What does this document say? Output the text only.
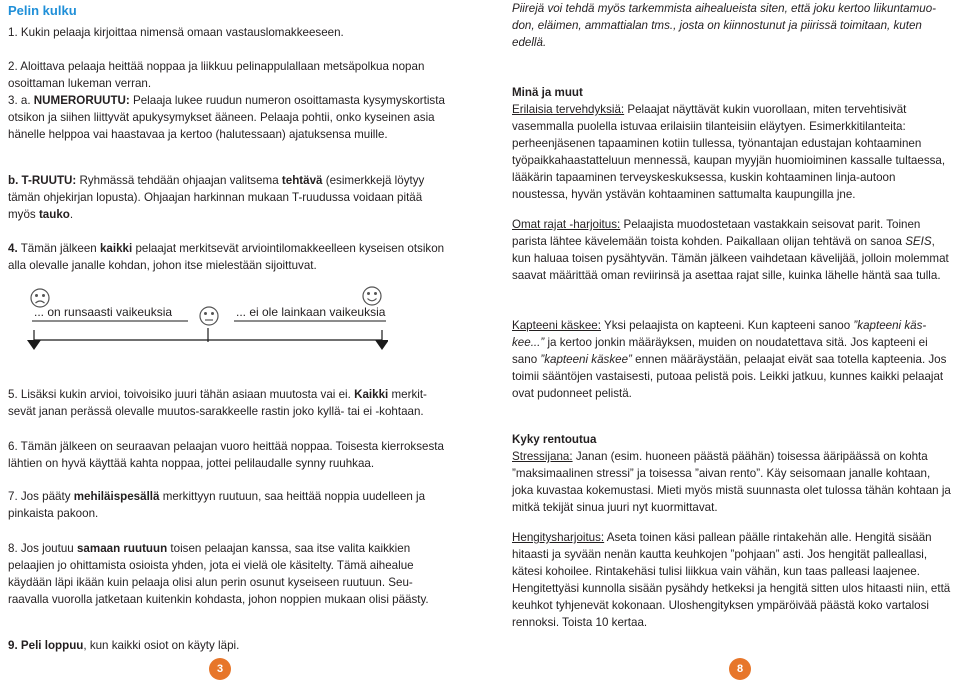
Pelin kulku

1. Kukin pelaaja kirjoittaa nimensä omaan vastauslomakkeeseen.

2. Aloittava pelaaja heittää noppaa ja liikkuu pelinappulallaan metsäpolkua nopan osoittaman lukeman verran.

3. a. NUMERORUUTU: Pelaaja lukee ruudun numeron osoittamasta kysymyskortista otsikon ja siihen liittyvät apukysymykset ääneen. Pelaaja pohtii, onko kyseinen asia hänelle helppoa vai haastavaa ja kertoo (halutessaan) ajatuksensa muille.

b. T-RUUTU: Ryhmässä tehdään ohjaajan valitsema tehtävä (esimerkkejä löytyy tämän ohjekirjan lopusta). Ohjaajan harkinnan mukaan T-ruudussa voidaan pitää myös tauko.

4. Tämän jälkeen kaikki pelaajat merkitsevät arviointilomakkeelleen kyseisen otsikon alla olevalle janalle kohdan, johon itse mielestään sijoittuvat.

... on runsaasti vaikeuksia	... ei ole lainkaan vaikeuksia

5. Lisäksi kukin arvioi, toivoisiko juuri tähän asiaan muutosta vai ei. Kaikki merkitsevät janan perässä olevalle muutos-sarakkeelle rastin joko kyllä- tai ei -kohtaan.

6. Tämän jälkeen on seuraavan pelaajan vuoro heittää noppaa. Toisesta kierroksesta lähtien on hyvä käyttää kahta noppaa, jottei pelilaudalle synny ruuhkaa.

7. Jos pääty mehiläispesällä merkittyyn ruutuun, saa heittää noppia uudelleen ja pinkaista pakoon.

8. Jos joutuu samaan ruutuun toisen pelaajan kanssa, saa itse valita kaikkien pelaajien jo ohittamista osioista yhden, jota ei vielä ole käsitelty. Tämä aihealue käydään läpi ikään kuin pelaaja olisi alun perin osunut kyseiseen ruutuun. Seuraavalla vuorolla jatketaan kuitenkin kohdasta, johon noppien mukaan olisi päästy.

9. Peli loppuu, kun kaikki osiot on käyty läpi.

3

Piirejä voi tehdä myös tarkemmista aihealueista siten, että joku kertoo liikuntamuodon, eläimen, ammattialan tms., josta on kiinnostunut ja piirissä toimitaan, kuten edellä.

Minä ja muut

Erilaisia tervehdyksiä: Pelaajat näyttävät kukin vuorollaan, miten tervehtisivät vasemmalla puolella istuvaa erilaisiin tilanteisiin eläytyen. Esimerkkitilanteita: perheenjäsenen tapaaminen kotiin tullessa, työnantajan edustajan kohtaaminen työpaikkahaastatteluun mennessä, kaupan myyjän huomioiminen kassalle tultaessa, lääkärin tapaaminen terveyskeskuksessa, kuskin kohtaaminen linja-autoon noustessa, hyvän ystävän kohtaaminen sattumalta kaupungilla jne.

Omat rajat -harjoitus: Pelaajista muodostetaan vastakkain seisovat parit. Toinen parista lähtee kävelemään toista kohden. Paikallaan olijan tehtävä on sanoa SEIS, kun haluaa toisen pysähtyvän. Tämän jälkeen vaihdetaan kävelijää, jolloin molemmat saavat määrittää oman reviirinsä ja asettaa rajat sille, kuinka lähelle häntä saa tulla.

Kapteeni käskee: Yksi pelaajista on kapteeni. Kun kapteeni sanoo ”kapteeni käskee...” ja kertoo jonkin määräyksen, muiden on noudatettava sitä. Jos kapteeni ei sano ”kapteeni käskee” ennen määräystään, pelaajat eivät saa totella kapteenia. Jos toimii sääntöjen vastaisesti, putoaa pelistä pois. Leikki jatkuu, kunnes kaikki pelaajat ovat pudonneet pelistä.

Kyky rentoutua

Stressijana: Janan (esim. huoneen päästä päähän) toisessa ääripäässä on kohta ”maksimaalinen stressi” ja toisessa ”aivan rento”. Käy seisomaan janalle kohtaan, joka kuvastaa kokemustasi. Mieti myös mistä suunnasta olet tulossa tähän kohtaan ja mitkä tekijät sinua juuri nyt kuormittavat.

Hengitysharjoitus: Aseta toinen käsi pallean päälle rintakehän alle. Hengitä sisään hitaasti ja syvään nenän kautta keuhkojen ”pohjaan” asti. Jos hengität palleallasi, kätesi kohoilee. Rintakehäsi tulisi liikkua vain vähän, kun taas palleasi laajenee. Hengitettyäsi kunnolla sisään pysähdy hetkeksi ja hengitä sitten ulos hitaasti niin, että keuhkot tyhjenevät kokonaan. Uloshengityksen ympäröivää päästä koko vartalosi rennoksi. Toista 10 kertaa.

8
